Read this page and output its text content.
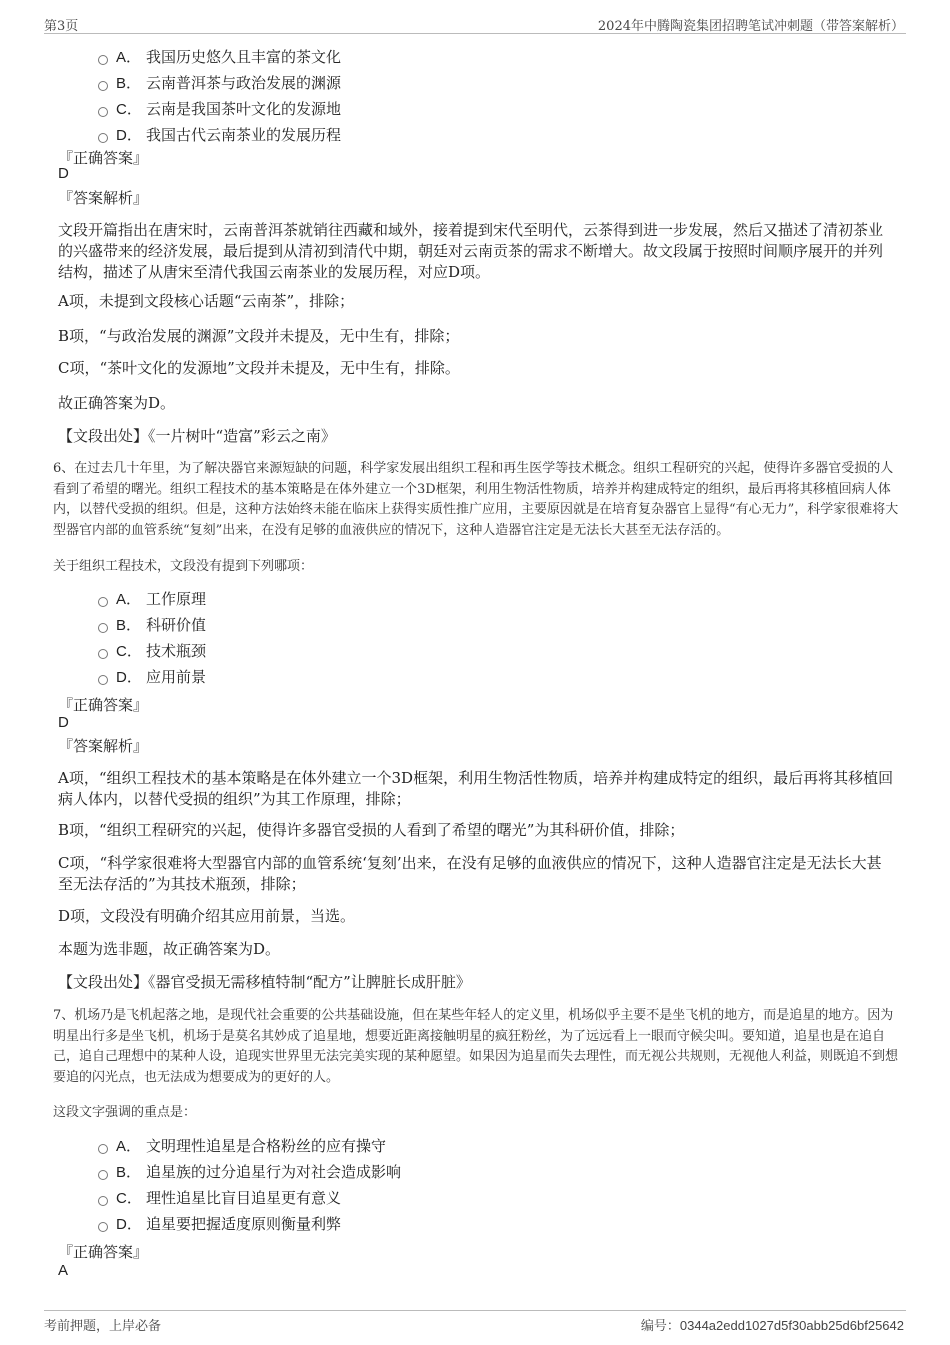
第3页	2024年中腾陶瓷集团招聘笔试冲刺题（带答案解析）
A． 我国历史悠久且丰富的茶文化
B． 云南普洱茶与政治发展的渊源
C． 云南是我国茶叶文化的发源地
D． 我国古代云南茶业的发展历程
『正确答案』
D
『答案解析』
文段开篇指出在唐宋时，云南普洱茶就销往西藏和域外，接着提到宋代至明代，云茶得到进一步发展，然后又描述了清初茶业的兴盛带来的经济发展，最后提到从清初到清代中期，朝廷对云南贡茶的需求不断增大。故文段属于按照时间顺序展开的并列结构，描述了从唐宋至清代我国云南茶业的发展历程，对应D项。
A项，未提到文段核心话题“云南茶”，排除；
B项，“与政治发展的渊源”文段并未提及，无中生有，排除；
C项，“茶叶文化的发源地”文段并未提及，无中生有，排除。
故正确答案为D。
【文段出处】《一片树叶“造富”彩云之南》
6、在过去几十年里，为了解决器官来源短缺的问题，科学家发展出组织工程和再生医学等技术概念。组织工程研究的兴起，使得许多器官受损的人看到了希望的曙光。组织工程技术的基本策略是在体外建立一个3D框架，利用生物活性物质，培养并构建成特定的组织，最后再将其移植回病人体内，以替代受损的组织。但是，这种方法始终未能在临床上获得实质性推广应用，主要原因就是在培育复杂器官上显得“有心无力”，科学家很难将大型器官内部的血管系统“复刻”出来，在没有足够的血液供应的情况下，这种人造器官注定是无法长大甚至无法存活的。
关于组织工程技术，文段没有提到下列哪项：
A． 工作原理
B． 科研价值
C． 技术瓶颈
D． 应用前景
『正确答案』
D
『答案解析』
A项，“组织工程技术的基本策略是在体外建立一个3D框架，利用生物活性物质，培养并构建成特定的组织，最后再将其移植回病人体内，以替代受损的组织”为其工作原理，排除；
B项，“组织工程研究的兴起，使得许多器官受损的人看到了希望的曙光”为其科研价值，排除；
C项，“科学家很难将大型器官内部的血管系统‘复刻’出来，在没有足够的血液供应的情况下，这种人造器官注定是无法长大甚至无法存活的”为其技术瓶颈，排除；
D项，文段没有明确介绍其应用前景，当选。
本题为选非题，故正确答案为D。
【文段出处】《器官受损无需移植特制“配方”让脾脏长成肝脏》
7、机场乃是飞机起落之地，是现代社会重要的公共基础设施，但在某些年轻人的定义里，机场似乎主要不是坐飞机的地方，而是追星的地方。因为明星出行多是坐飞机，机场于是莫名其妙成了追星地，想要近距离接触明星的疯狂粉丝，为了远远看上一眼而守候尖叫。要知道，追星也是在追自己，追自己理想中的某种人设，追现实世界里无法完美实现的某种愿望。如果因为追星而失去理性，而无视公共规则，无视他人利益，则既追不到想要追的闪光点，也无法成为想要成为的更好的人。
这段文字强调的重点是：
A． 文明理性追星是合格粉丝的应有操守
B． 追星族的过分追星行为对社会造成影响
C． 理性追星比盲目追星更有意义
D． 追星要把握适度原则衡量利弊
『正确答案』
A
考前押题，上岸必备	编号：0344a2edd1027d5f30abb25d6bf25642
